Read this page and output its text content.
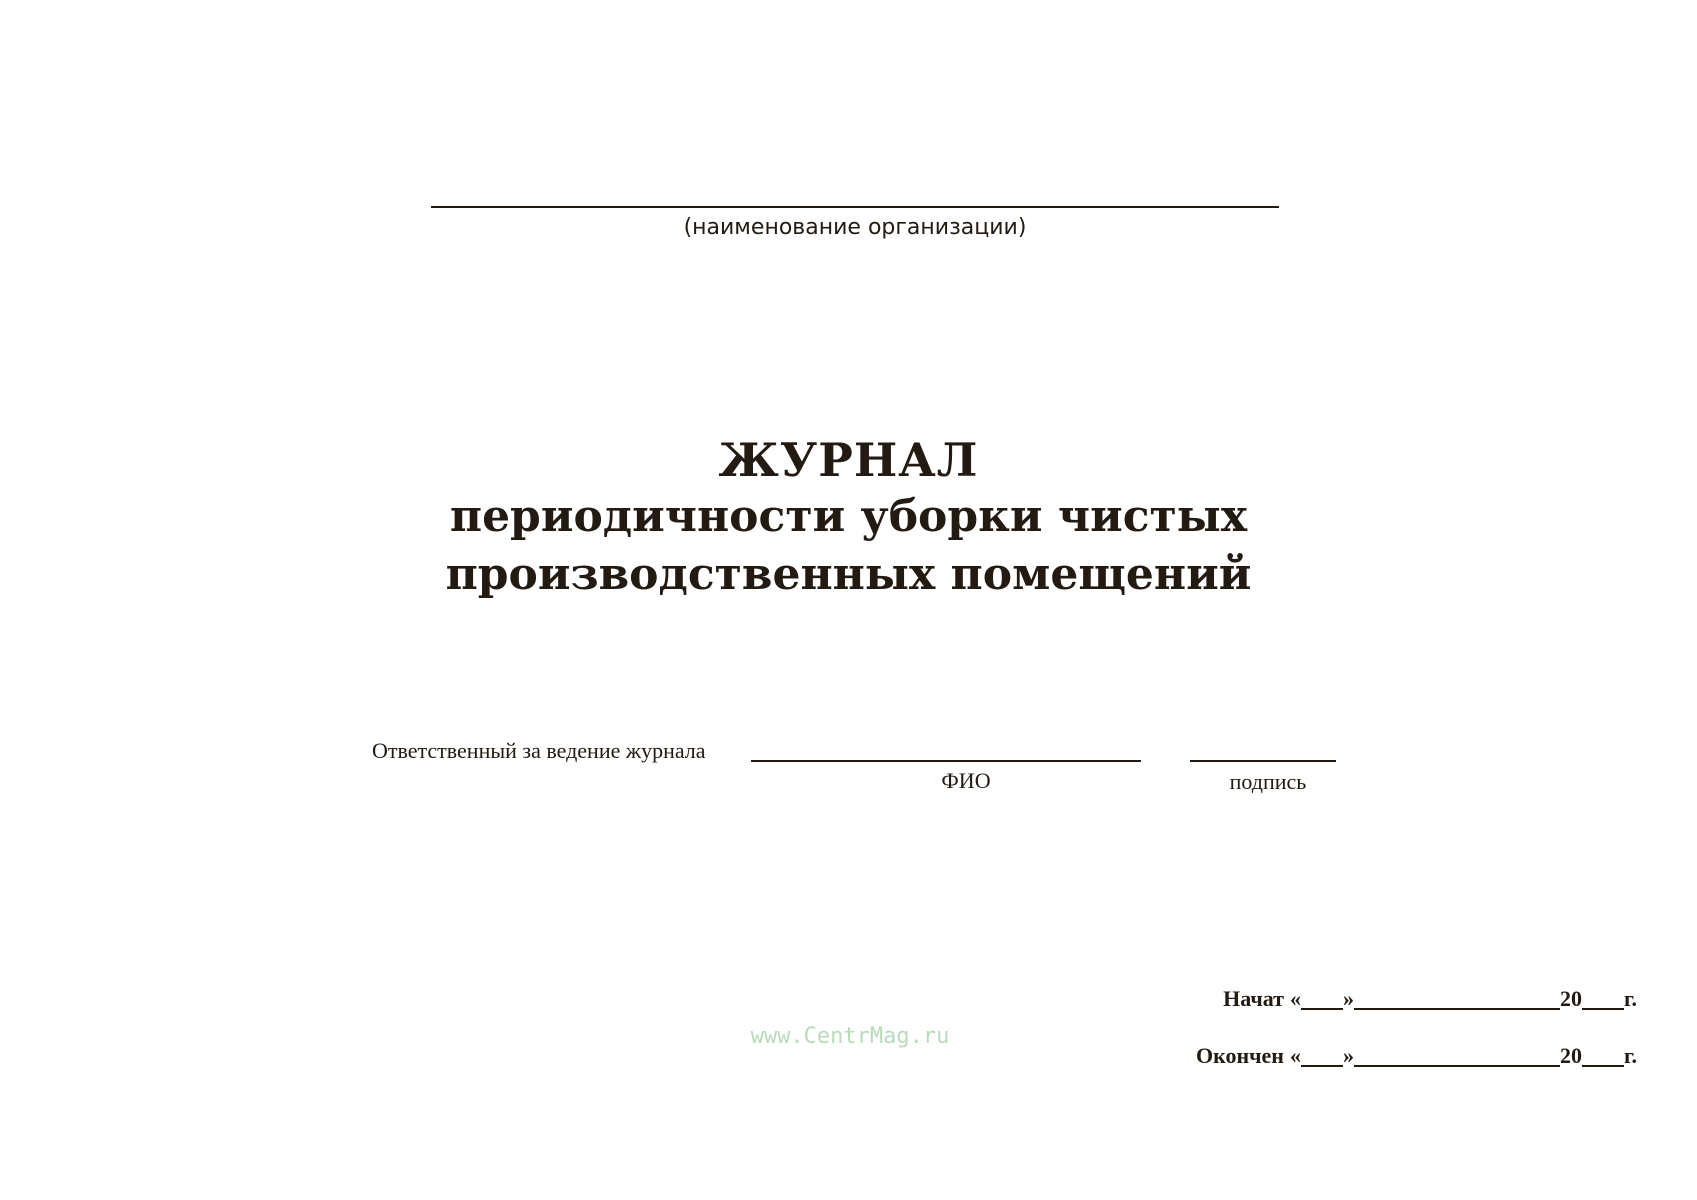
(наименование организации)
ЖУРНАЛ
периодичности уборки чистых
производственных помещений
Ответственный за ведение журнала
ФИО	подпись
www.CentrMag.ru
Начат « »	20 г.
Окончен « »	20 г.
